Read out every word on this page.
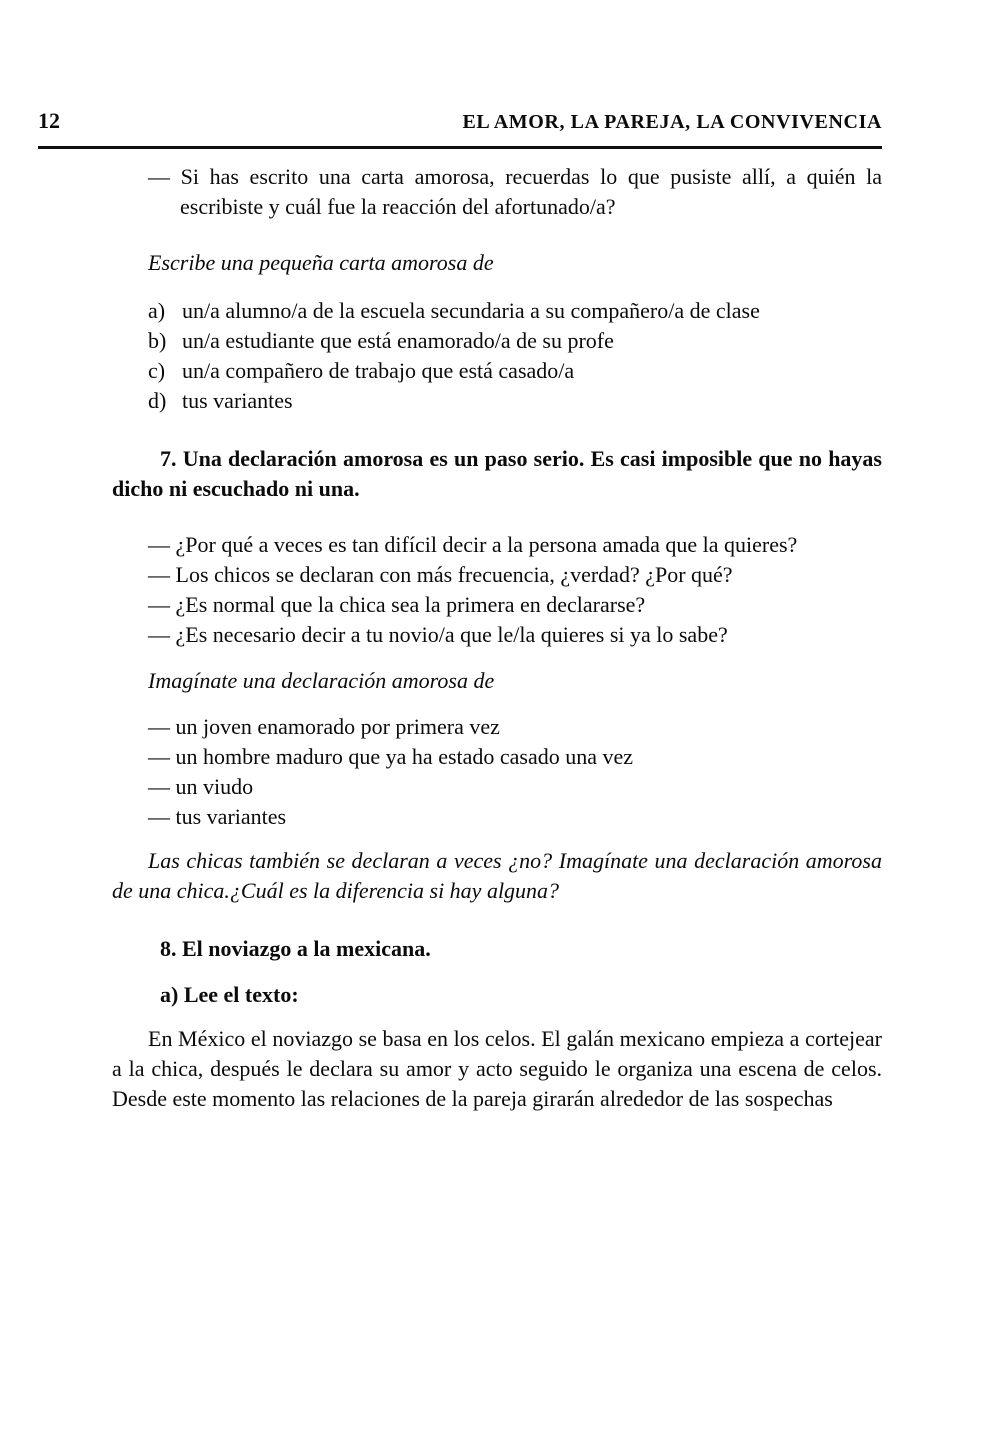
12	EL AMOR, LA PAREJA, LA CONVIVENCIA

— Si has escrito una carta amorosa, recuerdas lo que pusiste allí, a quién la escribiste y cuál fue la reacción del afortunado/a?

Escribe una pequeña carta amorosa de

a) un/a alumno/a de la escuela secundaria a su compañero/a de clase

b) un/a estudiante que está enamorado/a de su profe

c) un/a compañero de trabajo que está casado/a

d) tus variantes

7. Una declaración amorosa es un paso serio. Es casi imposible que no hayas dicho ni escuchado ni una.

— ¿Por qué a veces es tan difícil decir a la persona amada que la quieres?

— Los chicos se declaran con más frecuencia, ¿verdad? ¿Por qué?

— ¿Es normal que la chica sea la primera en declararse?

— ¿Es necesario decir a tu novio/a que le/la quieres si ya lo sabe?

Imagínate una declaración amorosa de

— un joven enamorado por primera vez

— un hombre maduro que ya ha estado casado una vez

— un viudo

— tus variantes

Las chicas también se declaran a veces ¿no? Imagínate una declaración amorosa de una chica.¿Cuál es la diferencia si hay alguna?

8. El noviazgo a la mexicana.

a) Lee el texto:

En México el noviazgo se basa en los celos. El galán mexicano empieza a cortejear a la chica, después le declara su amor y acto seguido le organiza una escena de celos. Desde este momento las relaciones de la pareja girarán alrededor de las sospechas
